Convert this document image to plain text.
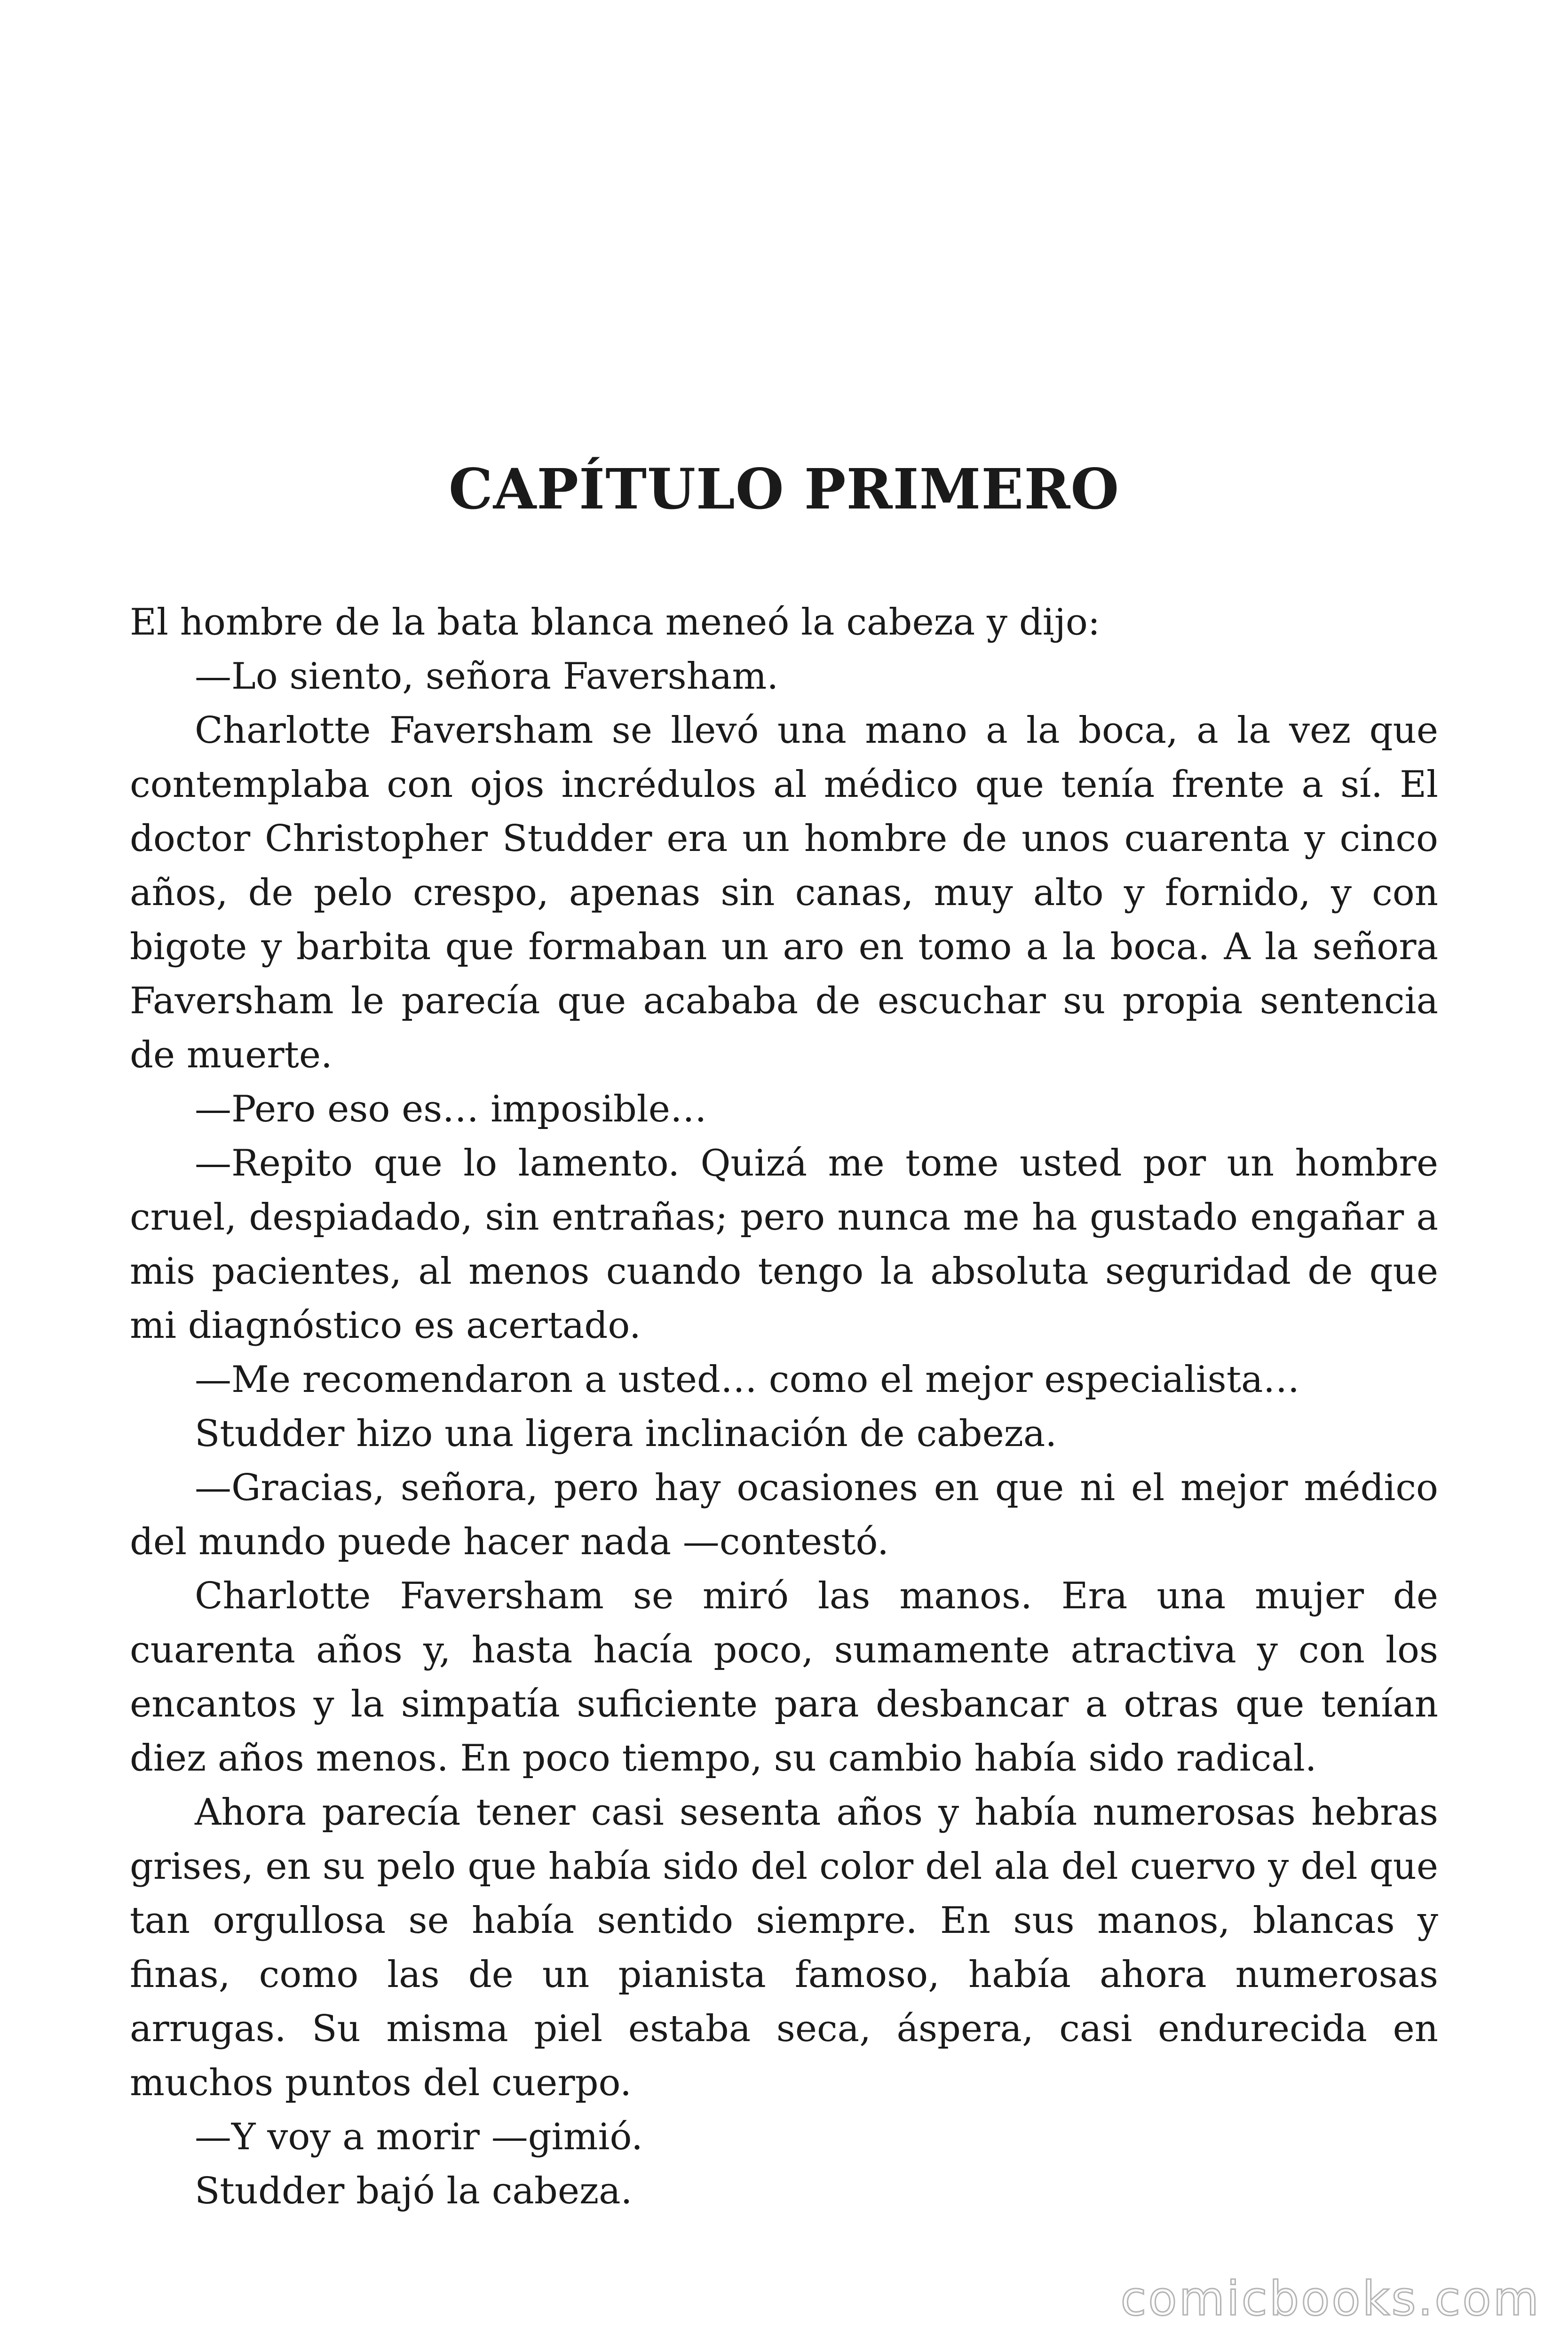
CAPÍTULO PRIMERO

El hombre de la bata blanca meneó la cabeza y dijo:

—Lo siento, señora Faversham.

Charlotte Faversham se llevó una mano a la boca, a la vez que contemplaba con ojos incrédulos al médico que tenía frente a sí. El doctor Christopher Studder era un hombre de unos cuarenta y cinco años, de pelo crespo, apenas sin canas, muy alto y fornido, y con bigote y barbita que formaban un aro en tomo a la boca. A la señora Faversham le parecía que acababa de escuchar su propia sentencia de muerte.

—Pero eso es… imposible…

—Repito que lo lamento. Quizá me tome usted por un hombre cruel, despiadado, sin entrañas; pero nunca me ha gustado engañar a mis pacientes, al menos cuando tengo la absoluta seguridad de que mi diagnóstico es acertado.

—Me recomendaron a usted… como el mejor especialista…

Studder hizo una ligera inclinación de cabeza.

—Gracias, señora, pero hay ocasiones en que ni el mejor médico del mundo puede hacer nada —contestó.

Charlotte Faversham se miró las manos. Era una mujer de cuarenta años y, hasta hacía poco, sumamente atractiva y con los encantos y la simpatía suficiente para desbancar a otras que tenían diez años menos. En poco tiempo, su cambio había sido radical.

Ahora parecía tener casi sesenta años y había numerosas hebras grises, en su pelo que había sido del color del ala del cuervo y del que tan orgullosa se había sentido siempre. En sus manos, blancas y finas, como las de un pianista famoso, había ahora numerosas arrugas. Su misma piel estaba seca, áspera, casi endurecida en muchos puntos del cuerpo.

—Y voy a morir —gimió.

Studder bajó la cabeza.

comicbooks.com
